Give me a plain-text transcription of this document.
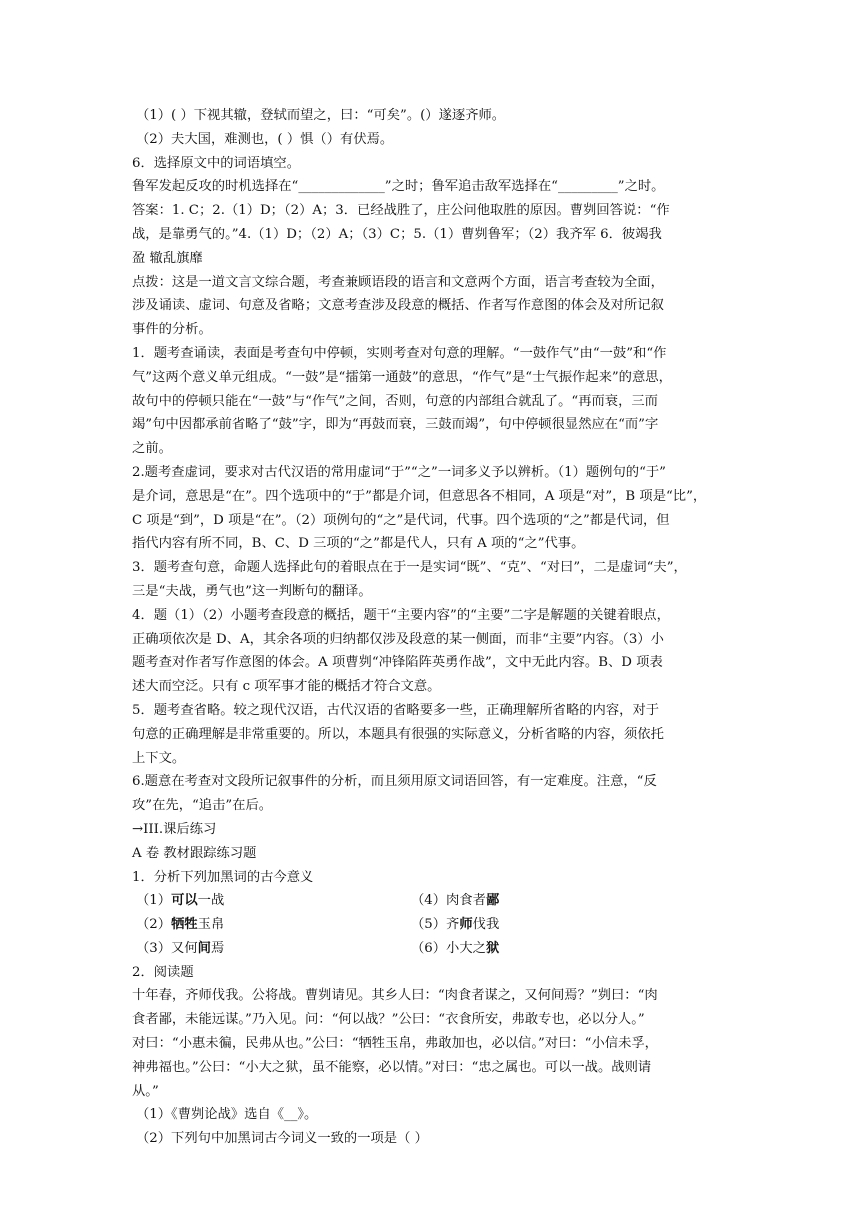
（1）( ）下视其辙，登轼而望之，曰：“可矣”。(）遂逐齐师。
（2）夫大国，难测也，( ）惧（）有伏焉。
6．选择原文中的词语填空。
鲁军发起反攻的时机选择在“_____________”之时；鲁军追击敌军选择在“_________”之时。
答案：1. C；2.（1）D；（2）A；3．已经战胜了，庄公问他取胜的原因。曹刿回答说：“作
战，是靠勇气的。”4.（1）D；（2）A；（3）C；5.（1）曹刿鲁军；（2）我齐军 6．彼竭我
盈 辙乱旗靡
点拨：这是一道文言文综合题，考查兼顾语段的语言和文意两个方面，语言考查较为全面，
涉及诵读、虚词、句意及省略；文意考查涉及段意的概括、作者写作意图的体会及对所记叙
事件的分析。
1．题考查诵读，表面是考查句中停顿，实则考查对句意的理解。“一鼓作气”由“一鼓”和“作
气”这两个意义单元组成。“一鼓”是“擂第一通鼓”的意思，“作气”是“士气振作起来”的意思，
故句中的停顿只能在“一鼓”与“作气”之间，否则，句意的内部组合就乱了。“再而衰，三而
竭”句中因都承前省略了“鼓”字，即为“再鼓而衰，三鼓而竭”，句中停顿很显然应在“而”字
之前。
2.题考查虚词，要求对古代汉语的常用虚词“于”“之”一词多义予以辨析。（1）题例句的“于”
是介词，意思是“在”。四个选项中的“于”都是介词，但意思各不相同，A 项是“对”，B 项是“比”，
C 项是“到”，D 项是“在”。（2）项例句的“之”是代词，代事。四个选项的“之”都是代词，但
指代内容有所不同，B、C、D 三项的“之”都是代人，只有 A 项的“之”代事。
3．题考查句意，命题人选择此句的着眼点在于一是实词“既”、“克”、“对曰”，二是虚词“夫”，
三是“夫战，勇气也”这一判断句的翻译。
4．题（1）（2）小题考查段意的概括，题干“主要内容”的“主要”二字是解题的关键着眼点，
正确项依次是 D、A，其余各项的归纳都仅涉及段意的某一侧面，而非“主要”内容。（3）小
题考查对作者写作意图的体会。A 项曹刿“冲锋陷阵英勇作战”，文中无此内容。B、D 项表
述大而空泛。只有 c 项军事才能的概括才符合文意。
5．题考查省略。较之现代汉语，古代汉语的省略要多一些，正确理解所省略的内容，对于
句意的正确理解是非常重要的。所以，本题具有很强的实际意义，分析省略的内容，须依托
上下文。
6.题意在考查对文段所记叙事件的分析，而且须用原文词语回答，有一定难度。注意，“反
攻”在先，“追击”在后。
→III.课后练习
A 卷 教材跟踪练习题
1．分析下列加黑词的古今意义
（1）可以一战	（4）肉食者鄙
（2）牺牲玉帛	（5）齐师伐我
（3）又何间焉	（6）小大之狱
2．阅读题
十年春，齐师伐我。公将战。曹刿请见。其乡人曰：“肉食者谋之，又何间焉？”刿曰：“肉
食者鄙，未能远谋。”乃入见。问：“何以战？”公曰：“衣食所安，弗敢专也，必以分人。”
对曰：“小惠未徧，民弗从也。”公曰：“牺牲玉帛，弗敢加也，必以信。”对曰：“小信未孚，
神弗福也。”公曰：“小大之狱，虽不能察，必以情。”对曰：“忠之属也。可以一战。战则请
从。”
（1）《曹刿论战》选自《__》。
（2）下列句中加黑词古今词义一致的一项是（ ）
